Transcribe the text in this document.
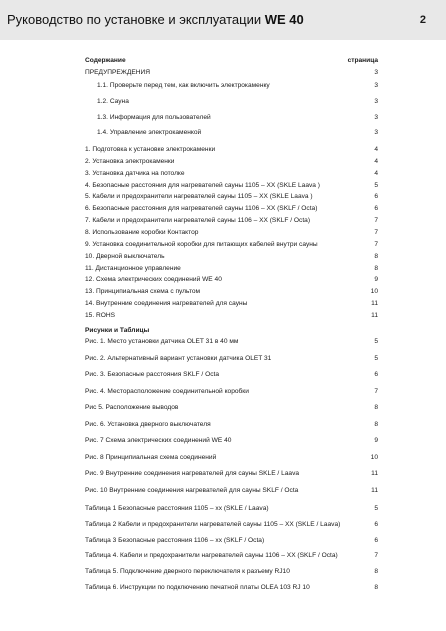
Руководство по установке и эксплуатации WE 40	2
Содержание	страница
ПРЕДУПРЕЖДЕНИЯ	3
1.1. Проверьте перед тем, как включить электрокаменку	3
1.2. Сауна	3
1.3. Информация для пользователей	3
1.4. Управление электрокаменкой	3
1. Подготовка к установке электрокаменки	4
2. Установка электрокаменки	4
3. Установка датчика на потолке	4
4. Безопасные расстояния для нагревателей сауны 1105 – XX (SKLE Laava )	5
5. Кабели и предохранители нагревателей сауны 1105 – XX (SKLE Laava )	6
6. Безопасные расстояния для нагревателей сауны 1106 – XX (SKLF / Octa)	6
7. Кабели и предохранители нагревателей сауны 1106 – XX (SKLF / Octa)	7
8. Использование коробки Контактор	7
9. Установка соединительной коробки для питающих кабелей внутри сауны	7
10. Дверной выключатель	8
11. Дистанционное управление	8
12. Схема электрических соединений WE 40	9
13. Принципиальная схема с пультом	10
14. Внутренние соединения нагревателей для сауны	11
15. ROHS	11
Рисунки и Таблицы
Рис. 1. Место установки датчика OLET 31 в 40 мм	5
Рис. 2. Альтернативный вариант установки датчика OLET 31	5
Рис. 3. Безопасные расстояния SKLF / Octa	6
Рис. 4. Месторасположение соединительной коробки	7
Рис 5. Расположение выводов	8
Рис. 6. Установка дверного выключателя	8
Рис. 7 Схема электрических соединений WE 40	9
Рис. 8 Принципиальная схема соединений	10
Рис. 9 Внутренние соединения нагревателей для сауны SKLE / Laava	11
Рис. 10 Внутренние соединения нагревателей для сауны SKLF / Octa	11
Таблица 1 Безопасные расстояния 1105 – xx (SKLE / Laava)	5
Таблица 2 Кабели и предохранители нагревателей сауны 1105 – XX (SKLE / Laava)	6
Таблица 3 Безопасные расстояния 1106 – xx (SKLF / Octa)	6
Таблица 4. Кабели и предохранители нагревателей сауны 1106 – XX (SKLF / Octa)	7
Таблица 5. Подключение дверного переключателя к разъему RJ10	8
Таблица 6. Инструкции по подключению печатной платы OLEA 103 RJ 10	8
